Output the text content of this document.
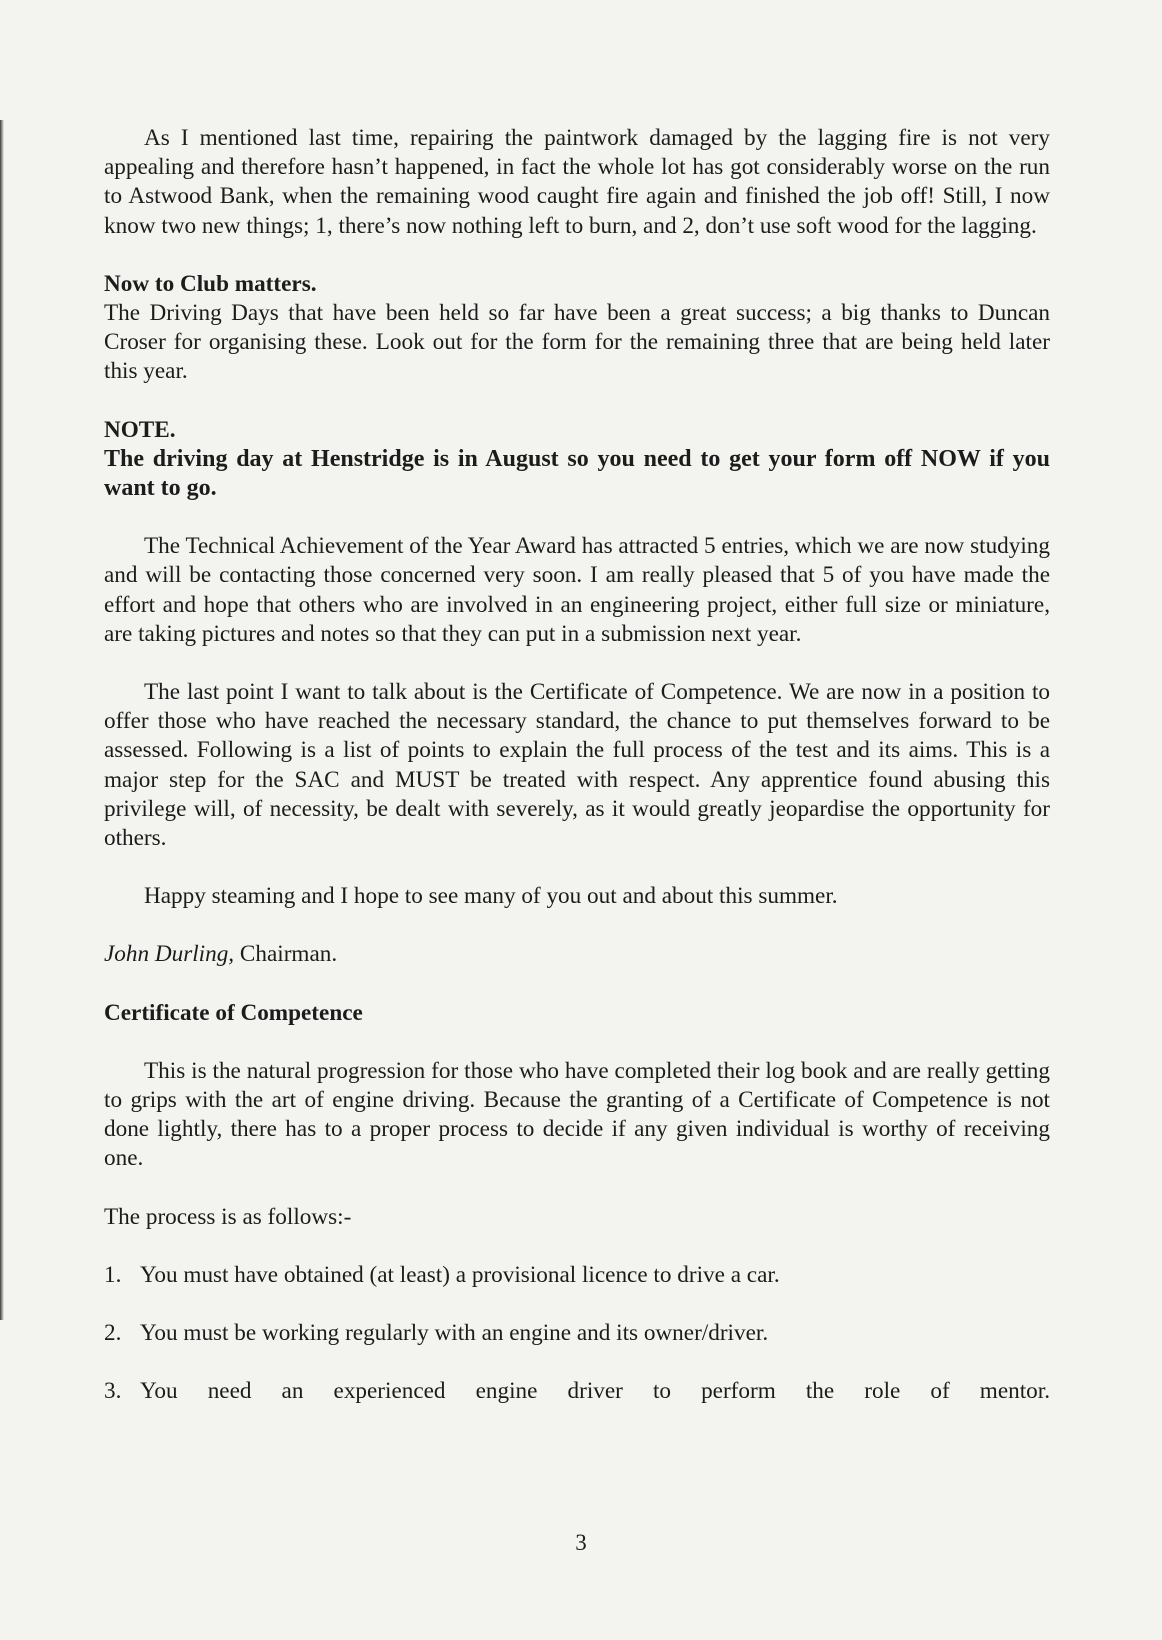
As I mentioned last time, repairing the paintwork damaged by the lagging fire is not very appealing and therefore hasn’t happened, in fact the whole lot has got considerably worse on the run to Astwood Bank, when the remaining wood caught fire again and finished the job off! Still, I now know two new things; 1, there’s now nothing left to burn, and 2, don’t use soft wood for the lagging.

Now to Club matters.

The Driving Days that have been held so far have been a great success; a big thanks to Duncan Croser for organising these. Look out for the form for the remaining three that are being held later this year.

NOTE.

The driving day at Henstridge is in August so you need to get your form off NOW if you want to go.

The Technical Achievement of the Year Award has attracted 5 entries, which we are now studying and will be contacting those concerned very soon. I am really pleased that 5 of you have made the effort and hope that others who are involved in an engineering project, either full size or miniature, are taking pictures and notes so that they can put in a submission next year.

The last point I want to talk about is the Certificate of Competence. We are now in a position to offer those who have reached the necessary standard, the chance to put themselves forward to be assessed. Following is a list of points to explain the full process of the test and its aims. This is a major step for the SAC and MUST be treated with respect. Any apprentice found abusing this privilege will, of necessity, be dealt with severely, as it would greatly jeopardise the opportunity for others.

Happy steaming and I hope to see many of you out and about this summer.

John Durling, Chairman.

Certificate of Competence

This is the natural progression for those who have completed their log book and are really getting to grips with the art of engine driving. Because the granting of a Certificate of Competence is not done lightly, there has to a proper process to decide if any given individual is worthy of receiving one.

The process is as follows:-

1. You must have obtained (at least) a provisional licence to drive a car.
2. You must be working regularly with an engine and its owner/driver.
3. You need an experienced engine driver to perform the role of mentor.
3
